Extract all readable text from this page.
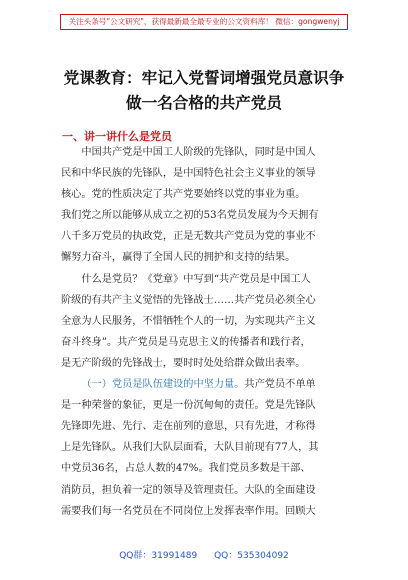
关注头条号"公文研究"，获得最新最全最专业的公文资料库！ 微信：gongwenyj
党课教育：牢记入党誓词增强党员意识争
做一名合格的共产党员
一、讲一讲什么是党员

中国共产党是中国工人阶级的先锋队，同时是中国人
民和中华民族的先锋队，是中国特色社会主义事业的领导
核心。党的性质决定了共产党要始终以党的事业为重。
我们党之所以能够从成立之初的53名党员发展为今天拥有
八千多万党员的执政党，正是无数共产党员为党的事业不
懈努力奋斗，赢得了全国人民的拥护和支持的结果。

什么是党员？《党章》中写到“共产党员是中国工人
阶级的有共产主义觉悟的先锋战士……共产党员必须全心
全意为人民服务，不惜牺牲个人的一切，为实现共产主义
奋斗终身”。共产党员是马克思主义的传播者和践行者，
是无产阶级的先锋战士，要时时处处给群众做出表率。

（一）党员是队伍建设的中坚力量。共产党员不单单
是一种荣誉的象征，更是一份沉甸甸的责任。党是先锋队
先锋即先进、先行、走在前列的意思，只有先进，才称得
上是先锋队。从我们大队层面看，大队目前现有77人，其
中党员36名，占总人数的47%。我们党员多数是干部、
消防员，担负着一定的领导及管理责任。大队的全面建设
需要我们每一名党员在不同岗位上发挥表率作用。回顾大

QQ群：31991489 QQ：535304092
